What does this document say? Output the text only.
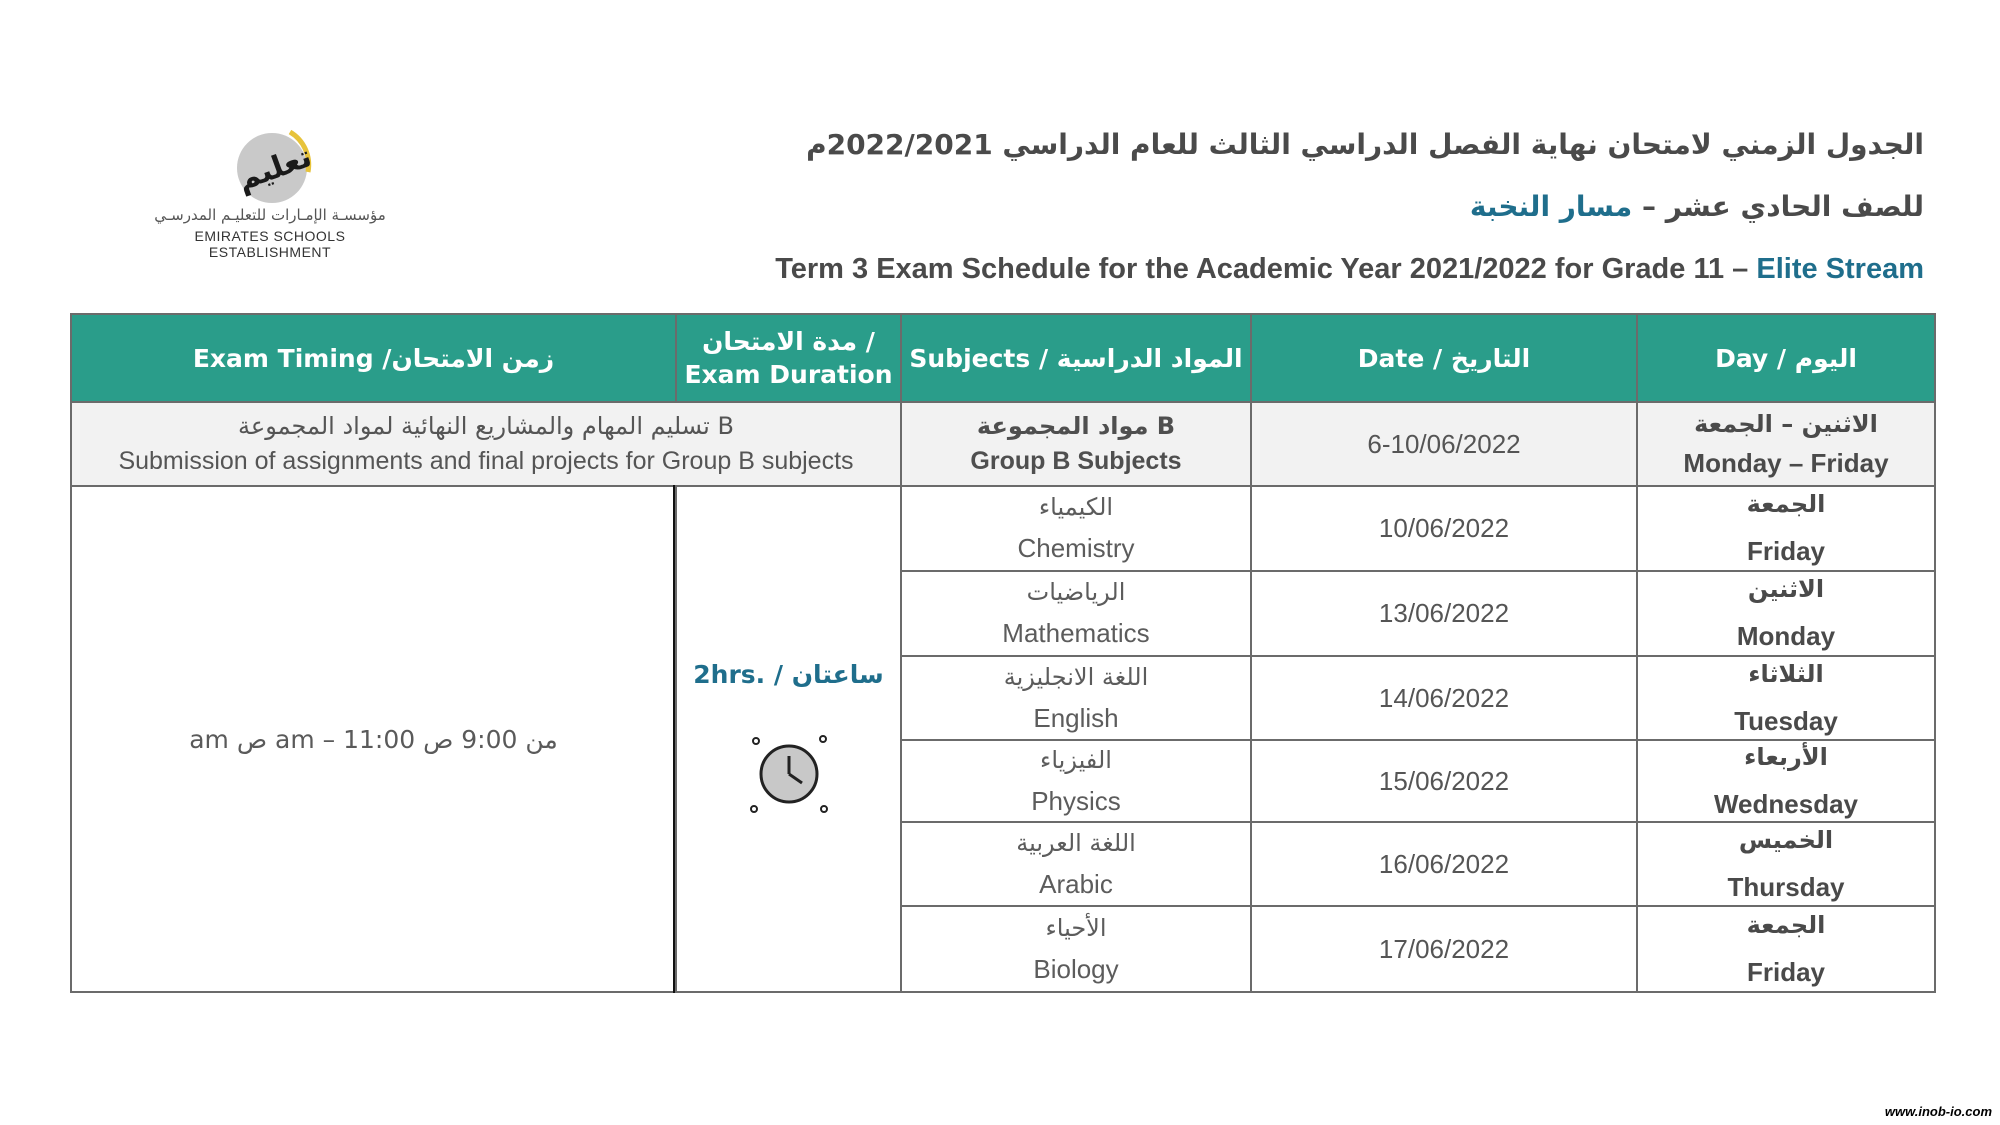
تعليم
مؤسسـة الإمـارات للتعليـم المدرسـي
EMIRATES SCHOOLS ESTABLISHMENT
الجدول الزمني لامتحان نهاية الفصل الدراسي الثالث للعام الدراسي 2022/2021م
للصف الحادي عشر – مسار النخبة
Term 3 Exam Schedule for the Academic Year 2021/2022 for Grade 11 – Elite Stream
Exam Timing /زمن الامتحان
مدة الامتحان /
Exam Duration
Subjects / المواد الدراسية	Date / التاريخ	Day / اليوم
تسليم المهام والمشاريع النهائية لمواد المجموعة B
Submission of assignments and final projects for Group B subjects
مواد المجموعة B
Group B Subjects
6-10/06/2022
الاثنين – الجمعة
Monday – Friday
من 9:00 ص am – 11:00 ص am
2hrs. / ساعتان
الكيمياء
Chemistry
10/06/2022
الجمعة
Friday
الرياضيات
Mathematics
13/06/2022
الاثنين
Monday
اللغة الانجليزية
English
14/06/2022
الثلاثاء
Tuesday
الفيزياء
Physics
15/06/2022
الأربعاء
Wednesday
اللغة العربية
Arabic
16/06/2022
الخميس
Thursday
الأحياء
Biology
17/06/2022
الجمعة
Friday
www.inob-io.com
